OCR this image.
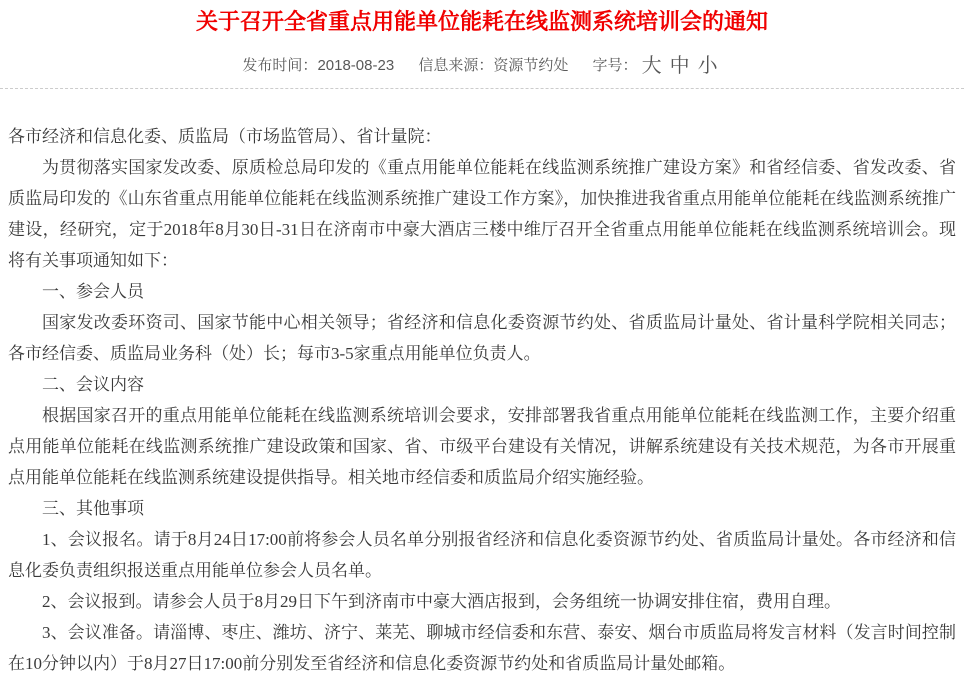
关于召开全省重点用能单位能耗在线监测系统培训会的通知
发布时间：2018-08-23 信息来源：资源节约处 字号： 大 中 小

各市经济和信息化委、质监局（市场监管局）、省计量院：

为贯彻落实国家发改委、原质检总局印发的《重点用能单位能耗在线监测系统推广建设方案》和省经信委、省发改委、省质监局印发的《山东省重点用能单位能耗在线监测系统推广建设工作方案》，加快推进我省重点用能单位能耗在线监测系统推广建设，经研究，定于2018年8月30日-31日在济南市中豪大酒店三楼中维厅召开全省重点用能单位能耗在线监测系统培训会。现将有关事项通知如下：

一、参会人员

国家发改委环资司、国家节能中心相关领导；省经济和信息化委资源节约处、省质监局计量处、省计量科学院相关同志；各市经信委、质监局业务科（处）长；每市3-5家重点用能单位负责人。

二、会议内容

根据国家召开的重点用能单位能耗在线监测系统培训会要求，安排部署我省重点用能单位能耗在线监测工作，主要介绍重点用能单位能耗在线监测系统推广建设政策和国家、省、市级平台建设有关情况，讲解系统建设有关技术规范，为各市开展重点用能单位能耗在线监测系统建设提供指导。相关地市经信委和质监局介绍实施经验。

三、其他事项

1、会议报名。请于8月24日17:00前将参会人员名单分别报省经济和信息化委资源节约处、省质监局计量处。各市经济和信息化委负责组织报送重点用能单位参会人员名单。

2、会议报到。请参会人员于8月29日下午到济南市中豪大酒店报到，会务组统一协调安排住宿，费用自理。

3、会议准备。请淄博、枣庄、潍坊、济宁、莱芜、聊城市经信委和东营、泰安、烟台市质监局将发言材料（发言时间控制在10分钟以内）于8月27日17:00前分别发至省经济和信息化委资源节约处和省质监局计量处邮箱。
